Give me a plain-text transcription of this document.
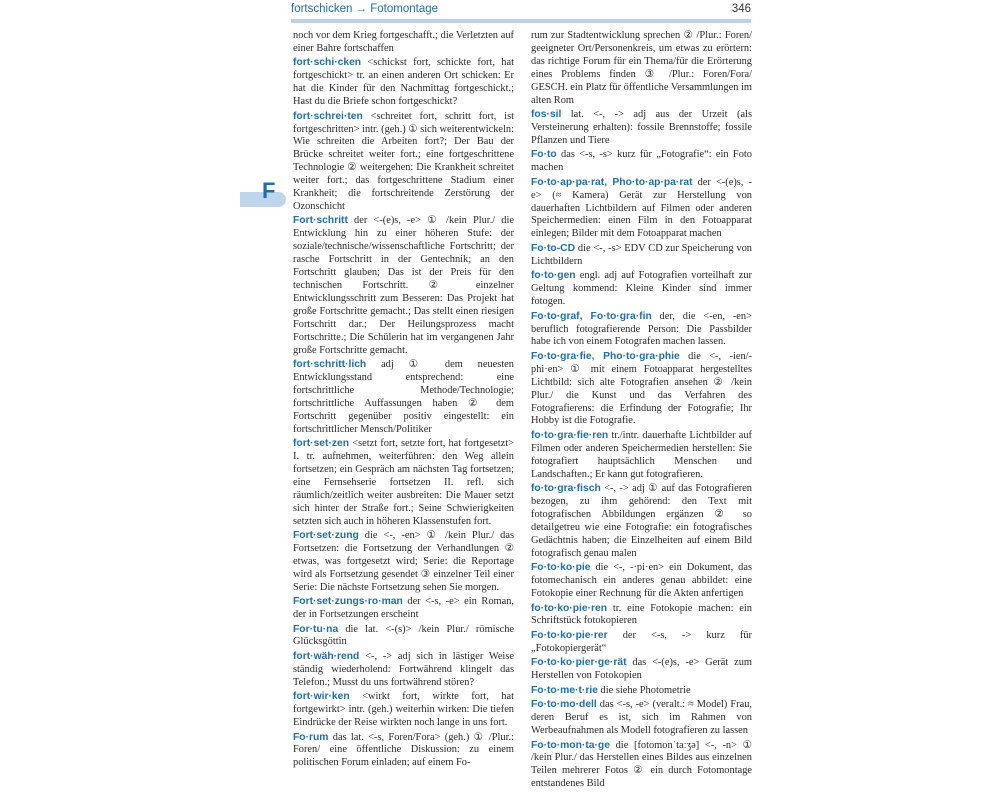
fortschicken → Fotomontage	346
F

noch vor dem Krieg fortgeschafft.; die Verletzten auf einer Bahre fortschaffen

fort·schi·cken <schickst fort, schickte fort, hat fortgeschickt> tr. an einen anderen Ort schicken: Er hat die Kinder für den Nachmittag fortgeschickt.; Hast du die Briefe schon fortgeschickt?

fort·schrei·ten <schreitet fort, schritt fort, ist fortgeschritten> intr. (geh.) ① sich weiterentwickeln: Wie schreiten die Arbeiten fort?; Der Bau der Brücke schreitet weiter fort.; eine fortgeschrittene Technologie ② weitergehen: Die Krankheit schreitet weiter fort.; das fortgeschrittene Stadium einer Krankheit; die fortschreitende Zerstörung der Ozonschicht

Fort·schritt der <-(e)s, -e> ① /kein Plur./ die Entwicklung hin zu einer höheren Stufe: der soziale/technische/wissenschaftliche Fortschritt; der rasche Fortschritt in der Gentechnik; an den Fortschritt glauben; Das ist der Preis für den technischen Fortschritt. ② einzelner Entwicklungsschritt zum Besseren: Das Projekt hat große Fortschritte gemacht.; Das stellt einen riesigen Fortschritt dar.; Der Heilungsprozess macht Fortschritte.; Die Schülerin hat im vergangenen Jahr große Fortschritte gemacht.

fort·schritt·lich adj ① dem neuesten Entwicklungsstand entsprechend: eine fortschrittliche Methode/Technologie; fortschrittliche Auffassungen haben ② dem Fortschritt gegenüber positiv eingestellt: ein fortschrittlicher Mensch/Politiker

fort·set·zen <setzt fort, setzte fort, hat fortgesetzt> I. tr. aufnehmen, weiterführen: den Weg allein fortsetzen; ein Gespräch am nächsten Tag fortsetzen; eine Fernsehserie fortsetzen II. refl. sich räumlich/zeitlich weiter ausbreiten: Die Mauer setzt sich hinter der Straße fort.; Seine Schwierigkeiten setzten sich auch in höheren Klassenstufen fort.

Fort·set·zung die <-, -en> ① /kein Plur./ das Fortsetzen: die Fortsetzung der Verhandlungen ② etwas, was fortgesetzt wird; Serie: die Reportage wird als Fortsetzung gesendet ③ einzelner Teil einer Serie: Die nächste Fortsetzung sehen Sie morgen.

Fort·set·zungs·ro·man der <-s, -e> ein Roman, der in Fortsetzungen erscheint

For·tu·na die lat. <-(s)> /kein Plur./ römische Glücksgöttin

fort·wäh·rend <-, -> adj sich in lästiger Weise ständig wiederholend: Fortwährend klingelt das Telefon.; Musst du uns fortwährend stören?

fort·wir·ken <wirkt fort, wirkte fort, hat fortgewirkt> intr. (geh.) weiterhin wirken: Die tiefen Eindrücke der Reise wirkten noch lange in uns fort.

Fo·rum das lat. <-s, Foren/Fora> (geh.) ① /Plur.: Foren/ eine öffentliche Diskussion: zu einem politischen Forum einladen; auf einem Fo-

rum zur Stadtentwicklung sprechen ② /Plur.: Foren/ geeigneter Ort/Personenkreis, um etwas zu erörtern: das richtige Forum für ein Thema/für die Erörterung eines Problems finden ③ /Plur.: Foren/Fora/ GESCH. ein Platz für öffentliche Versammlungen im alten Rom

fos·sil lat. <-, -> adj aus der Urzeit (als Versteinerung erhalten): fossile Brennstoffe; fossile Pflanzen und Tiere

Fo·to das <-s, -s> kurz für „Fotografie“: ein Foto machen

Fo·to·ap·pa·rat, Pho·to·ap·pa·rat der <-(e)s, -e> (≈ Kamera) Gerät zur Herstellung von dauerhaften Lichtbildern auf Filmen oder anderen Speichermedien: einen Film in den Fotoapparat einlegen; Bilder mit dem Fotoapparat machen

Fo·to-CD die <-, -s> EDV CD zur Speicherung von Lichtbildern

fo·to·gen engl. adj auf Fotografien vorteilhaft zur Geltung kommend: Kleine Kinder sind immer fotogen.

Fo·to·graf, Fo·to·gra·fin der, die <-en, -en> beruflich fotografierende Person: Die Passbilder habe ich von einem Fotografen machen lassen.

Fo·to·gra·fie, Pho·to·gra·phie die <-, -ien/-phi·en> ① mit einem Fotoapparat hergestelltes Lichtbild: sich alte Fotografien ansehen ② /kein Plur./ die Kunst und das Verfahren des Fotografierens: die Erfindung der Fotografie; Ihr Hobby ist die Fotografie.

fo·to·gra·fie·ren tr./intr. dauerhafte Lichtbilder auf Filmen oder anderen Speichermedien herstellen: Sie fotografiert hauptsächlich Menschen und Landschaften.; Er kann gut fotografieren.

fo·to·gra·fisch <-, -> adj ① auf das Fotografieren bezogen, zu ihm gehörend: den Text mit fotografischen Abbildungen ergänzen ② so detailgetreu wie eine Fotografie: ein fotografisches Gedächtnis haben; die Einzelheiten auf einem Bild fotografisch genau malen

Fo·to·ko·pie die <-, -·pi·en> ein Dokument, das fotomechanisch ein anderes genau abbildet: eine Fotokopie einer Rechnung für die Akten anfertigen

fo·to·ko·pie·ren tr. eine Fotokopie machen: ein Schriftstück fotokopieren

Fo·to·ko·pie·rer der <-s, -> kurz für „Fotokopiergerät“

Fo·to·ko·pier·ge·rät das <-(e)s, -e> Gerät zum Herstellen von Fotokopien

Fo·to·me·t·rie die siehe Photometrie

Fo·to·mo·dell das <-s, -e> (veralt.: ≈ Model) Frau, deren Beruf es ist, sich im Rahmen von Werbeaufnahmen als Modell fotografieren zu lassen

Fo·to·mon·ta·ge die [fotomonˈtaːʒə] <-, -n> ① /kein Plur./ das Herstellen eines Bildes aus einzelnen Teilen mehrerer Fotos ② ein durch Fotomontage entstandenes Bild
